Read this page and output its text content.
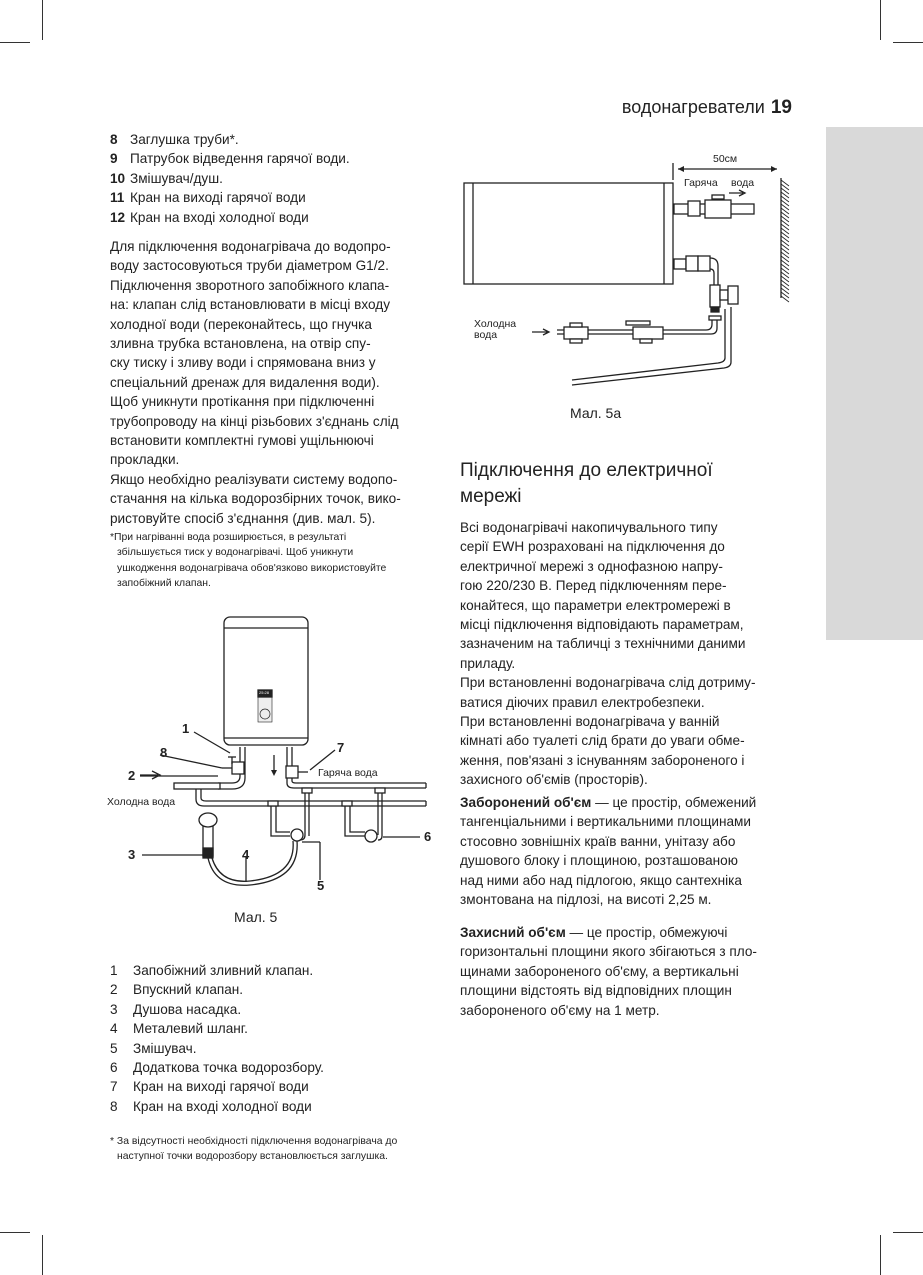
водонагреватели 19
8 Заглушка труби*.
9 Патрубок відведення гарячої води.
10 Змішувач/душ.
11 Кран на виході гарячої води
12 Кран на вході холодної води
Для підключення водонагрівача до водопро-
воду застосовуються труби діаметром G1/2.
Підключення зворотного запобіжного клапа-
на: клапан слід встановлювати в місці входу
холодної води (переконайтесь, що гнучка
зливна трубка встановлена, на отвір спу-
ску тиску і зливу води і спрямована вниз у
спеціальний дренаж для видалення води).
Щоб уникнути протікання при підключенні
трубопроводу на кінці різьбових з'єднань слід
встановити комплектні гумові ущільнюючі
прокладки.
Якщо необхідно реалізувати систему водопо-
стачання на кілька водорозбірних точок, вико-
ристовуйте спосіб з'єднання (див. мал. 5).
*При нагріванні вода розширюється, в результаті
збільшується тиск у водонагрівачі. Щоб уникнути
ушкодження водонагрівача обов'язково використовуйте
запобіжний клапан.
1
8
2
3	4
5
6
7
Гаряча вода
Холодна вода
25:28
Мал. 5
1 Запобіжний зливний клапан.
2 Впускний клапан.
3 Душова насадка.
4 Металевий шланг.
5 Змішувач.
6 Додаткова точка водорозбору.
7 Кран на виході гарячої води
8 Кран на вході холодної води
* За відсутності необхідності підключення водонагрівача до
наступної точки водорозбору встановлюється заглушка.
50см
Гаряча вода
Холодна
вода
Мал. 5а
Підключення до електричної
мережі
Всі водонагрівачі накопичувального типу
серії EWH розраховані на підключення до
електричної мережі з однофазною напру-
гою 220/230 В. Перед підключенням пере-
конайтеся, що параметри електромережі в
місці підключення відповідають параметрам,
зазначеним на табличці з технічними даними
приладу.
При встановленні водонагрівача слід дотриму-
ватися діючих правил електробезпеки.
При встановленні водонагрівача у ванній
кімнаті або туалеті слід брати до уваги обме-
ження, пов'язані з існуванням забороненого і
захисного об'ємів (просторів).
Заборонений об'єм — це простір, обмежений
тангенціальними і вертикальними площинами
стосовно зовнішніх країв ванни, унітазу або
душового блоку і площиною, розташованою
над ними або над підлогою, якщо сантехніка
змонтована на підлозі, на висоті 2,25 м.
Захисний об'єм — це простір, обмежуючі
горизонтальні площини якого збігаються з пло-
щинами забороненого об'єму, а вертикальні
площини відстоять від відповідних площин
забороненого об'єму на 1 метр.
